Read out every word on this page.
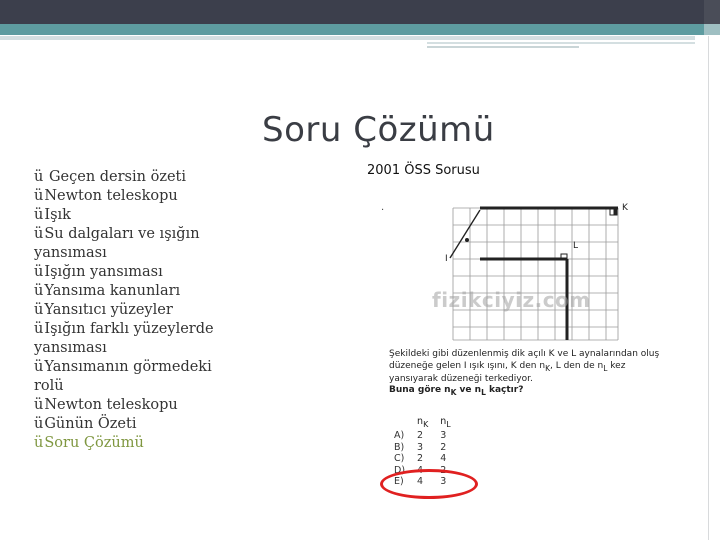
Soru Çözümü
ü Geçen dersin özeti
üNewton teleskopu
üIşık
üSu dalgaları ve ışığın yansıması
üIşığın yansıması
üYansıma kanunları
üYansıtıcı yüzeyler
üIşığın farklı yüzeylerde yansıması
üYansımanın görmedeki rolü
üNewton teleskopu
üGünün Özeti
üSoru Çözümü
2001 ÖSS Sorusu
K
L
I
.
fizikciyiz.com
Şekildeki gibi düzenlenmiş dik açılı K ve L aynalarından oluş
düzeneğe gelen I ışık ışını, K den $n_K$, L den de $n_L$ kez
yansıyarak düzeneği terkediyor.
Buna göre $n_K$ ve $n_L$ kaçtır?
	$n_K$	$n_L$
A)	2	3
B)	3	2
C)	2	4
D)	4	2
E)	4	3
